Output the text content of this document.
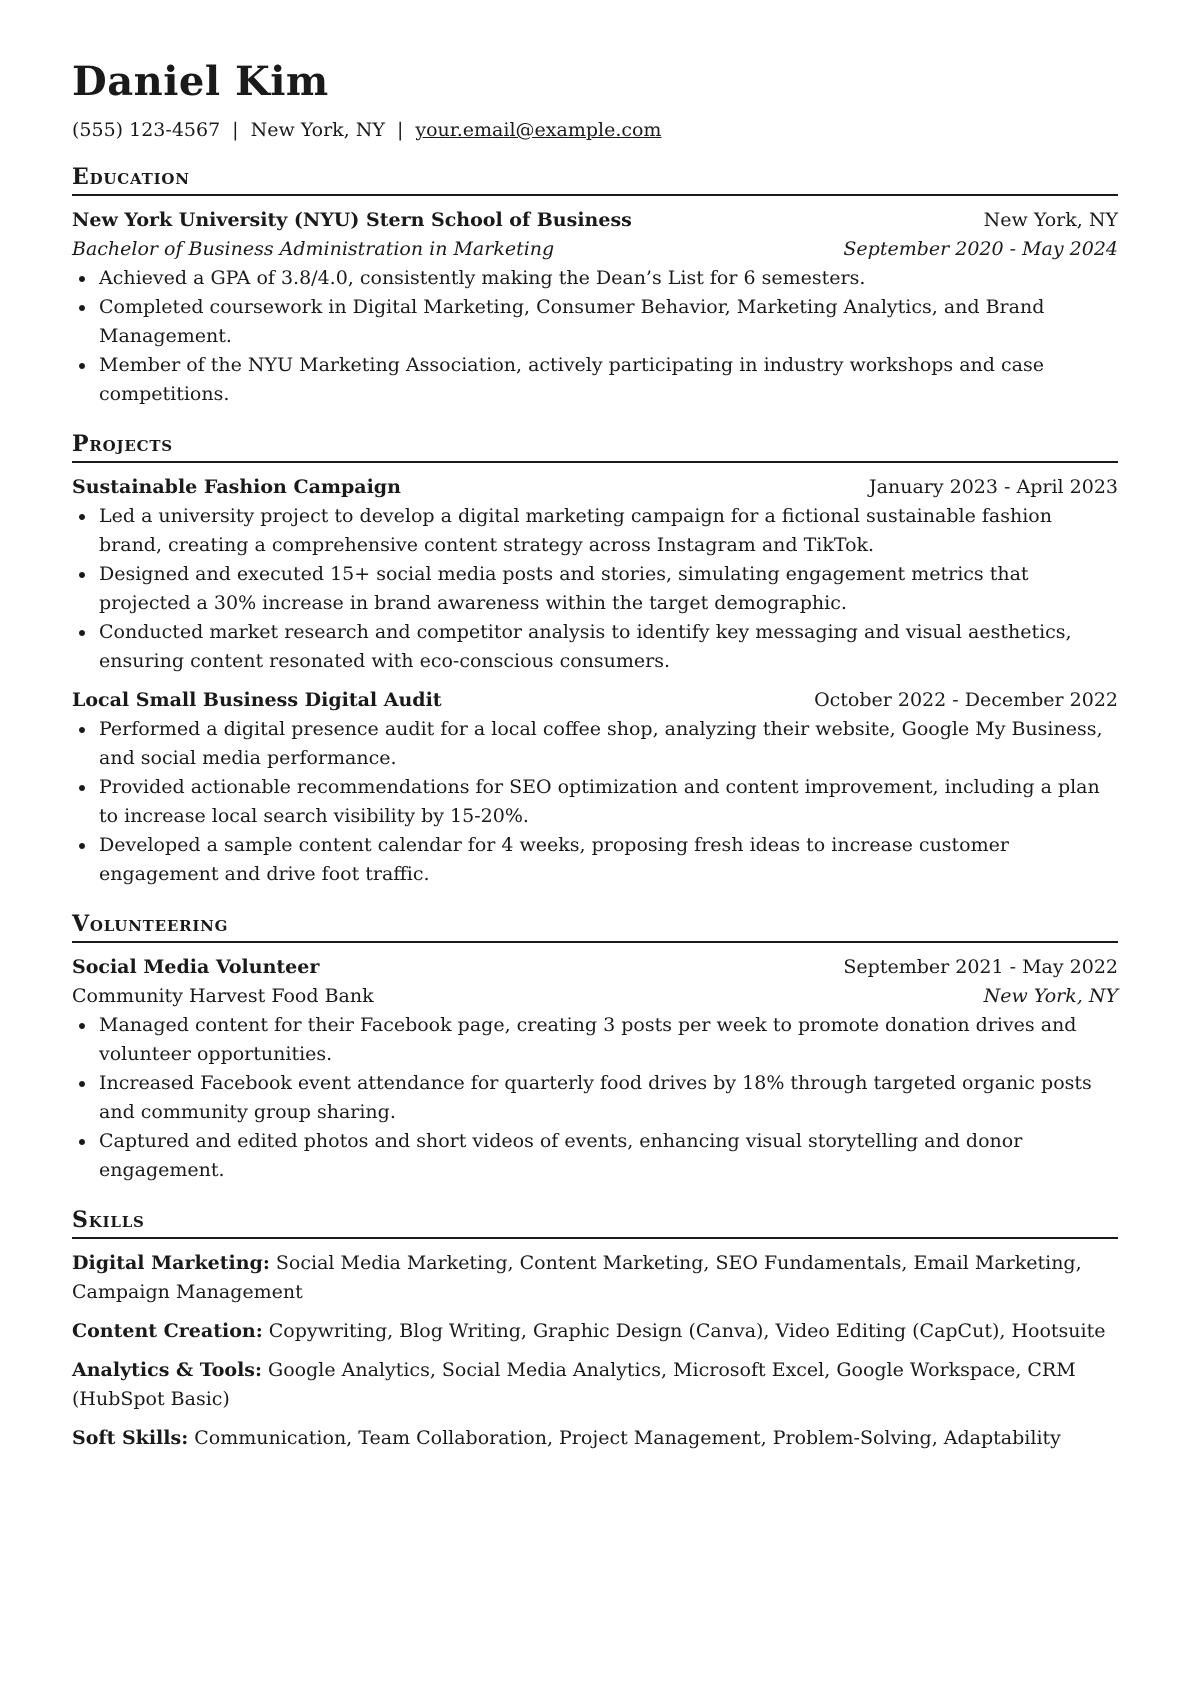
Daniel Kim
(555) 123-4567 | New York, NY | your.email@example.com
Education
New York University (NYU) Stern School of Business	New York, NY
Bachelor of Business Administration in Marketing	September 2020 - May 2024
Achieved a GPA of 3.8/4.0, consistently making the Dean’s List for 6 semesters.
Completed coursework in Digital Marketing, Consumer Behavior, Marketing Analytics, and Brand Management.
Member of the NYU Marketing Association, actively participating in industry workshops and case competitions.
Projects
Sustainable Fashion Campaign	January 2023 - April 2023
Led a university project to develop a digital marketing campaign for a fictional sustainable fashion brand, creating a comprehensive content strategy across Instagram and TikTok.
Designed and executed 15+ social media posts and stories, simulating engagement metrics that projected a 30% increase in brand awareness within the target demographic.
Conducted market research and competitor analysis to identify key messaging and visual aesthetics, ensuring content resonated with eco-conscious consumers.
Local Small Business Digital Audit	October 2022 - December 2022
Performed a digital presence audit for a local coffee shop, analyzing their website, Google My Business, and social media performance.
Provided actionable recommendations for SEO optimization and content improvement, including a plan to increase local search visibility by 15-20%.
Developed a sample content calendar for 4 weeks, proposing fresh ideas to increase customer engagement and drive foot traffic.
Volunteering
Social Media Volunteer	September 2021 - May 2022
Community Harvest Food Bank	New York, NY
Managed content for their Facebook page, creating 3 posts per week to promote donation drives and volunteer opportunities.
Increased Facebook event attendance for quarterly food drives by 18% through targeted organic posts and community group sharing.
Captured and edited photos and short videos of events, enhancing visual storytelling and donor engagement.
Skills
Digital Marketing: Social Media Marketing, Content Marketing, SEO Fundamentals, Email Marketing, Campaign Management
Content Creation: Copywriting, Blog Writing, Graphic Design (Canva), Video Editing (CapCut), Hootsuite
Analytics & Tools: Google Analytics, Social Media Analytics, Microsoft Excel, Google Workspace, CRM (HubSpot Basic)
Soft Skills: Communication, Team Collaboration, Project Management, Problem-Solving, Adaptability
